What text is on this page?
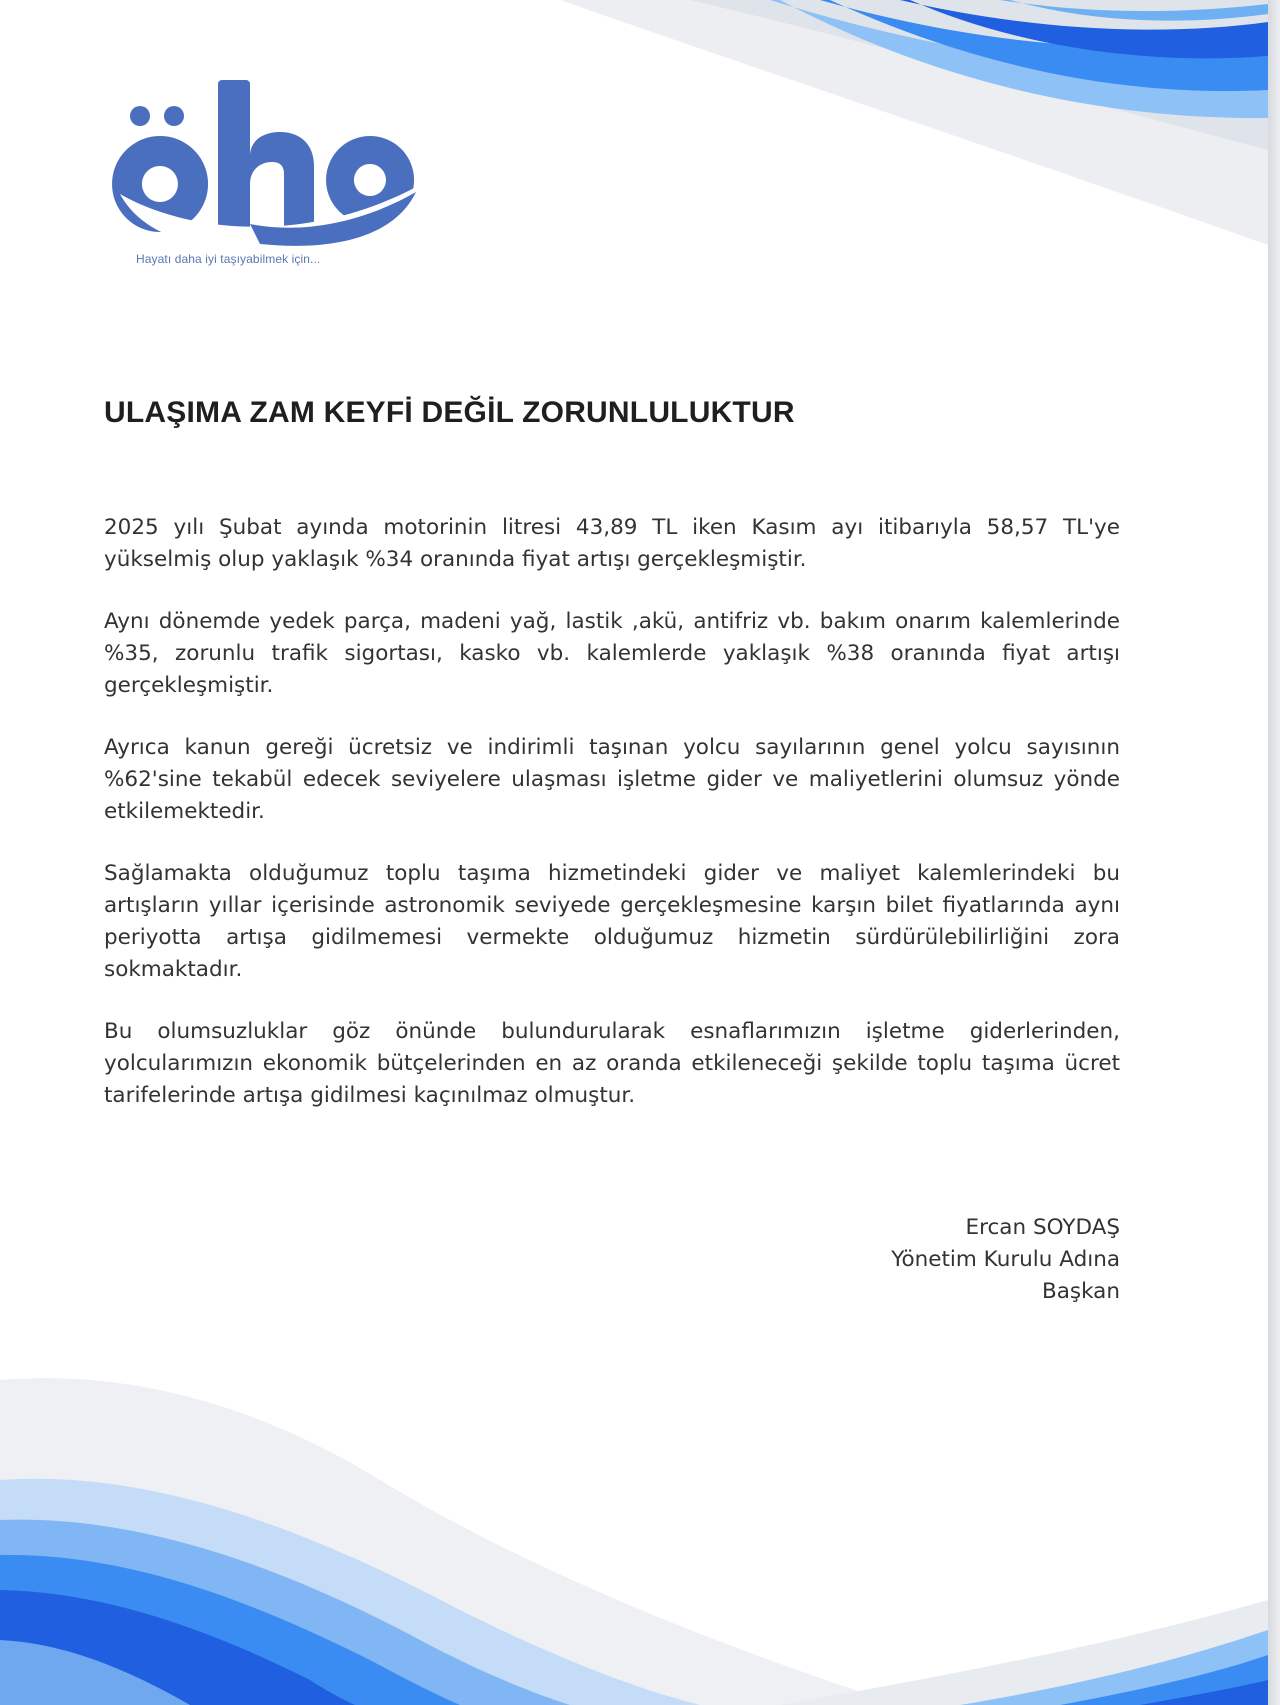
Hayatı daha iyi taşıyabilmek için...
ULAŞIMA ZAM KEYFİ DEĞİL ZORUNLULUKTUR

2025 yılı Şubat ayında motorinin litresi 43,89 TL iken Kasım ayı itibarıyla 58,57 TL'ye yükselmiş olup yaklaşık %34 oranında fiyat artışı gerçekleşmiştir.

Aynı dönemde yedek parça, madeni yağ, lastik ,akü, antifriz vb. bakım onarım kalemlerinde %35, zorunlu trafik sigortası, kasko vb. kalemlerde yaklaşık %38 oranında fiyat artışı gerçekleşmiştir.

Ayrıca kanun gereği ücretsiz ve indirimli taşınan yolcu sayılarının genel yolcu sayısının %62'sine tekabül edecek seviyelere ulaşması işletme gider ve maliyetlerini olumsuz yönde etkilemektedir.

Sağlamakta olduğumuz toplu taşıma hizmetindeki gider ve maliyet kalemlerindeki bu artışların yıllar içerisinde astronomik seviyede gerçekleşmesine karşın bilet fiyatlarında aynı periyotta artışa gidilmemesi vermekte olduğumuz hizmetin sürdürülebilirliğini zora sokmaktadır.

Bu olumsuzluklar göz önünde bulundurularak esnaflarımızın işletme giderlerinden, yolcularımızın ekonomik bütçelerinden en az oranda etkileneceği şekilde toplu taşıma ücret tarifelerinde artışa gidilmesi kaçınılmaz olmuştur.

Ercan SOYDAŞ
Yönetim Kurulu Adına
Başkan
